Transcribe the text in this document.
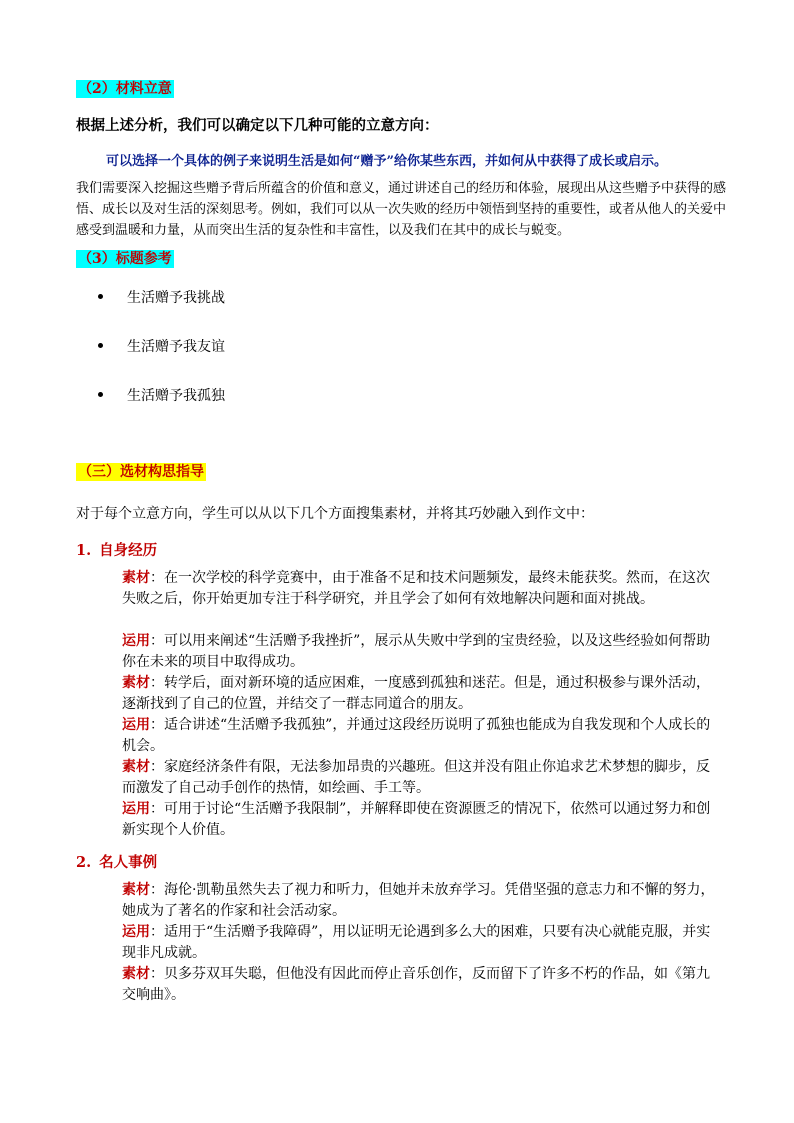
（2）材料立意
根据上述分析，我们可以确定以下几种可能的立意方向：
可以选择一个具体的例子来说明生活是如何“赠予”给你某些东西，并如何从中获得了成长或启示。
我们需要深入挖掘这些赠予背后所蕴含的价值和意义，通过讲述自己的经历和体验，展现出从这些赠予中获得的感悟、成长以及对生活的深刻思考。例如，我们可以从一次失败的经历中领悟到坚持的重要性，或者从他人的关爱中感受到温暖和力量，从而突出生活的复杂性和丰富性，以及我们在其中的成长与蜕变。
（3）标题参考
生活赠予我挑战
生活赠予我友谊
生活赠予我孤独
（三）选材构思指导
对于每个立意方向，学生可以从以下几个方面搜集素材，并将其巧妙融入到作文中：
1. 自身经历
素材：在一次学校的科学竞赛中，由于准备不足和技术问题频发，最终未能获奖。然而，在这次失败之后，你开始更加专注于科学研究，并且学会了如何有效地解决问题和面对挑战。
运用：可以用来阐述“生活赠予我挫折”，展示从失败中学到的宝贵经验，以及这些经验如何帮助你在未来的项目中取得成功。
素材：转学后，面对新环境的适应困难，一度感到孤独和迷茫。但是，通过积极参与课外活动，逐渐找到了自己的位置，并结交了一群志同道合的朋友。
运用：适合讲述“生活赠予我孤独”，并通过这段经历说明了孤独也能成为自我发现和个人成长的机会。
素材：家庭经济条件有限，无法参加昂贵的兴趣班。但这并没有阻止你追求艺术梦想的脚步，反而激发了自己动手创作的热情，如绘画、手工等。
运用：可用于讨论“生活赠予我限制”，并解释即使在资源匮乏的情况下，依然可以通过努力和创新实现个人价值。
2. 名人事例
素材：海伦·凯勒虽然失去了视力和听力，但她并未放弃学习。凭借坚强的意志力和不懈的努力，她成为了著名的作家和社会活动家。
运用：适用于“生活赠予我障碍”，用以证明无论遇到多么大的困难，只要有决心就能克服，并实现非凡成就。
素材：贝多芬双耳失聪，但他没有因此而停止音乐创作，反而留下了许多不朽的作品，如《第九交响曲》。
